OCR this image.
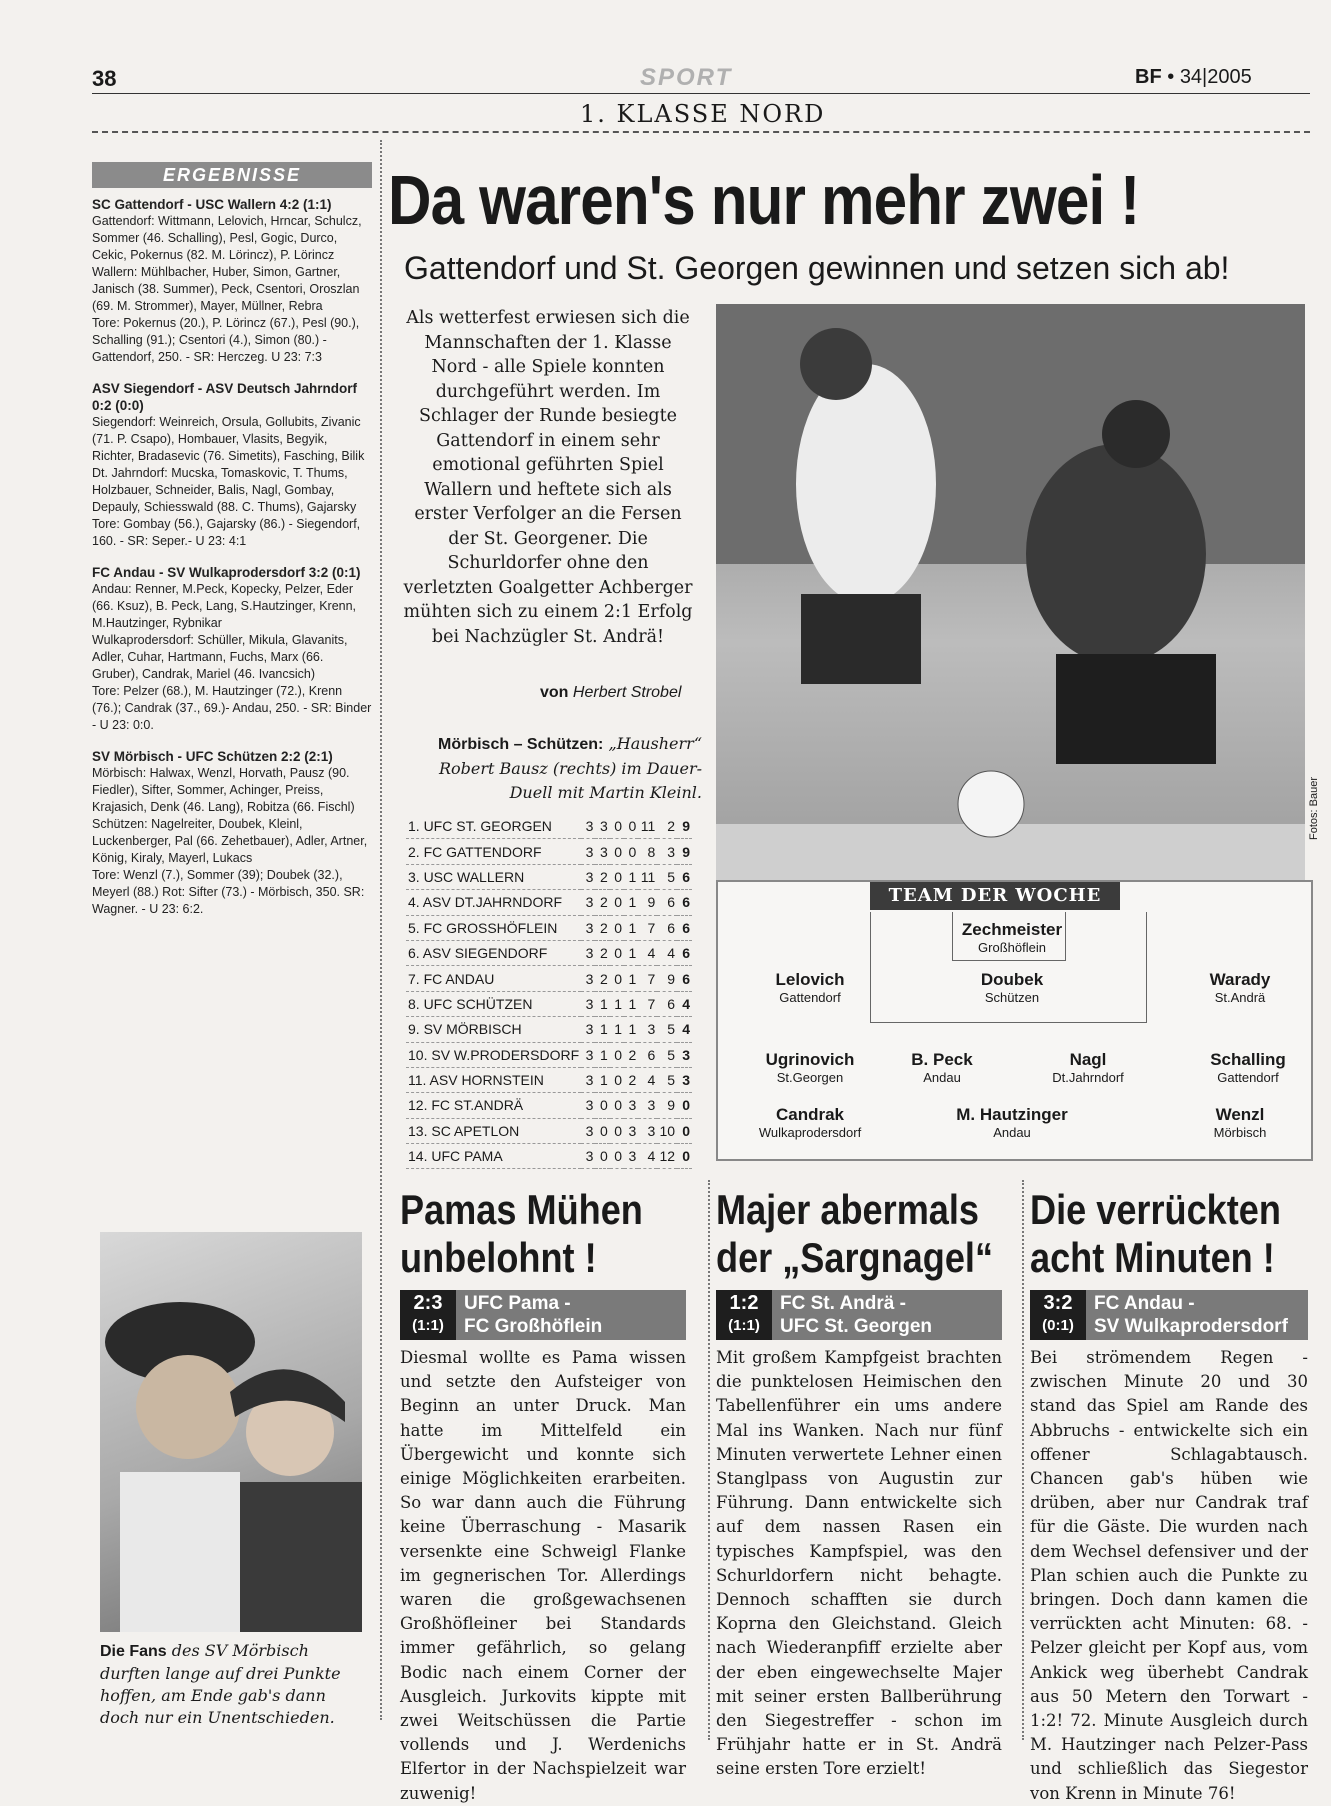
38	SPORT	BF • 34|2005
1. KLASSE NORD
ERGEBNISSE

SC Gattendorf - USC Wallern 4:2 (1:1)

Gattendorf: Wittmann, Lelovich, Hrncar, Schulcz, Sommer (46. Schalling), Pesl, Gogic, Durco, Cekic, Pokernus (82. M. Lörincz), P. Lörincz

Wallern: Mühlbacher, Huber, Simon, Gartner, Janisch (38. Summer), Peck, Csentori, Oroszlan (69. M. Strommer), Mayer, Müllner, Rebra

Tore: Pokernus (20.), P. Lörincz (67.), Pesl (90.), Schalling (91.); Csentori (4.), Simon (80.) - Gattendorf, 250. - SR: Herczeg. U 23: 7:3

ASV Siegendorf - ASV Deutsch Jahrndorf 0:2 (0:0)

Siegendorf: Weinreich, Orsula, Gollubits, Zivanic (71. P. Csapo), Hombauer, Vlasits, Begyik, Richter, Bradasevic (76. Simetits), Fasching, Bilik

Dt. Jahrndorf: Mucska, Tomaskovic, T. Thums, Holzbauer, Schneider, Balis, Nagl, Gombay, Depauly, Schiesswald (88. C. Thums), Gajarsky

Tore: Gombay (56.), Gajarsky (86.) - Siegendorf, 160. - SR: Seper.- U 23: 4:1

FC Andau - SV Wulkaprodersdorf 3:2 (0:1)

Andau: Renner, M.Peck, Kopecky, Pelzer, Eder (66. Ksuz), B. Peck, Lang, S.Hautzinger, Krenn, M.Hautzinger, Rybnikar

Wulkaprodersdorf: Schüller, Mikula, Glavanits, Adler, Cuhar, Hartmann, Fuchs, Marx (66. Gruber), Candrak, Mariel (46. Ivancsich)

Tore: Pelzer (68.), M. Hautzinger (72.), Krenn (76.); Candrak (37., 69.)- Andau, 250. - SR: Binder - U 23: 0:0.

SV Mörbisch - UFC Schützen 2:2 (2:1)

Mörbisch: Halwax, Wenzl, Horvath, Pausz (90. Fiedler), Sifter, Sommer, Achinger, Preiss, Krajasich, Denk (46. Lang), Robitza (66. Fischl)

Schützen: Nagelreiter, Doubek, Kleinl, Luckenberger, Pal (66. Zehetbauer), Adler, Artner, König, Kiraly, Mayerl, Lukacs

Tore: Wenzl (7.), Sommer (39); Doubek (32.), Meyerl (88.) Rot: Sifter (73.) - Mörbisch, 350. SR: Wagner. - U 23: 6:2.

Die Fans des SV Mörbisch durften lange auf drei Punkte hoffen, am Ende gab's dann doch nur ein Unentschieden.
Da waren's nur mehr zwei !
Gattendorf und St. Georgen gewinnen und setzen sich ab!
Als wetterfest erwiesen sich die Mannschaften der 1. Klasse Nord - alle Spiele konnten durchgeführt werden. Im Schlager der Runde besiegte Gattendorf in einem sehr emotional geführten Spiel Wallern und heftete sich als erster Verfolger an die Fersen der St. Georgener. Die Schurldorfer ohne den verletzten Goalgetter Achberger mühten sich zu einem 2:1 Erfolg bei Nachzügler St. Andrä!
von Herbert Strobel
Mörbisch – Schützen: „Hausherr“ Robert Bausz (rechts) im Dauer-Duell mit Martin Kleinl.	Fotos: Bauer
1. UFC ST. GEORGEN	3	3	0	0	11	2	9
2. FC GATTENDORF	3	3	0	0	8	3	9
3. USC WALLERN	3	2	0	1	11	5	6
4. ASV DT.JAHRNDORF	3	2	0	1	9	6	6
5. FC GROSSHÖFLEIN	3	2	0	1	7	6	6
6. ASV SIEGENDORF	3	2	0	1	4	4	6
7. FC ANDAU	3	2	0	1	7	9	6
8. UFC SCHÜTZEN	3	1	1	1	7	6	4
9. SV MÖRBISCH	3	1	1	1	3	5	4
10. SV W.PRODERSDORF	3	1	0	2	6	5	3
11. ASV HORNSTEIN	3	1	0	2	4	5	3
12. FC ST.ANDRÄ	3	0	0	3	3	9	0
13. SC APETLON	3	0	0	3	3	10	0
14. UFC PAMA	3	0	0	3	4	12	0
TEAM DER WOCHE
Zechmeister
Großhöflein
Lelovich
Gattendorf
Doubek
Schützen
Warady
St.Andrä
Ugrinovich
St.Georgen
B. Peck
Andau
Nagl
Dt.Jahrndorf
Schalling
Gattendorf
Candrak
Wulkaprodersdorf
M. Hautzinger
Andau
Wenzl
Mörbisch
Pamas Mühen
unbelohnt !
2:3
(1:1)
UFC Pama -
FC Großhöflein
Diesmal wollte es Pama wissen und setzte den Aufsteiger von Beginn an unter Druck. Man hatte im Mittelfeld ein Übergewicht und konnte sich einige Möglichkeiten erarbeiten. So war dann auch die Führung keine Überraschung - Masarik versenkte eine Schweigl Flanke im gegnerischen Tor. Allerdings waren die großgewachsenen Großhöfleiner bei Standards immer gefährlich, so gelang Bodic nach einem Corner der Ausgleich. Jurkovits kippte mit zwei Weitschüssen die Partie vollends und J. Werdenichs Elfertor in der Nachspielzeit war zuwenig!
Majer abermals
der „Sargnagel“
1:2
(1:1)
FC St. Andrä -
UFC St. Georgen
Mit großem Kampfgeist brachten die punktelosen Heimischen den Tabellenführer ein ums andere Mal ins Wanken. Nach nur fünf Minuten verwertete Lehner einen Stanglpass von Augustin zur Führung. Dann entwickelte sich auf dem nassen Rasen ein typisches Kampfspiel, was den Schurldorfern nicht behagte. Dennoch schafften sie durch Koprna den Gleichstand. Gleich nach Wiederanpfiff erzielte aber der eben eingewechselte Majer mit seiner ersten Ballberührung den Siegestreffer - schon im Frühjahr hatte er in St. Andrä seine ersten Tore erzielt!
Die verrückten
acht Minuten !
3:2
(0:1)
FC Andau -
SV Wulkaprodersdorf
Bei strömendem Regen - zwischen Minute 20 und 30 stand das Spiel am Rande des Abbruchs - entwickelte sich ein offener Schlagabtausch. Chancen gab's hüben wie drüben, aber nur Candrak traf für die Gäste. Die wurden nach dem Wechsel defensiver und der Plan schien auch die Punkte zu bringen. Doch dann kamen die verrückten acht Minuten: 68. - Pelzer gleicht per Kopf aus, vom Ankick weg überhebt Candrak aus 50 Metern den Torwart - 1:2! 72. Minute Ausgleich durch M. Hautzinger nach Pelzer-Pass und schließlich das Siegestor von Krenn in Minute 76!
